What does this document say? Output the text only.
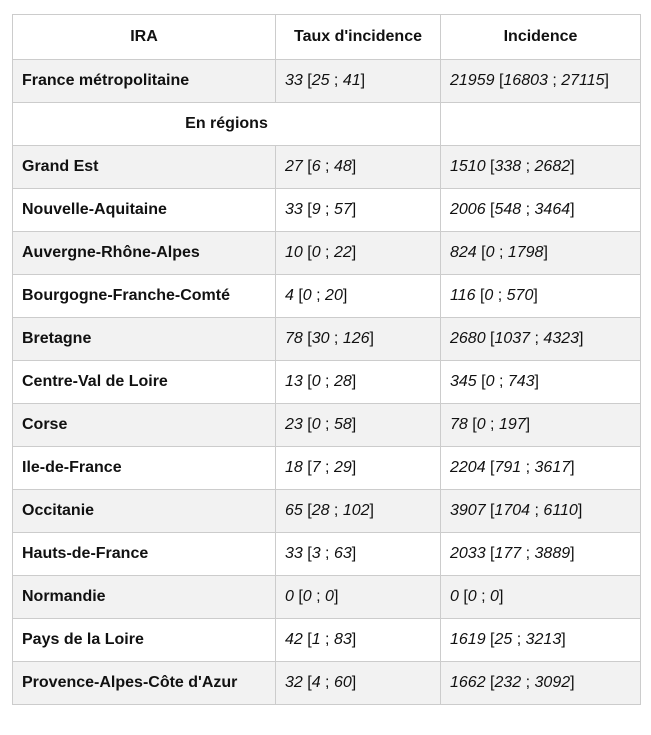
IRA	Taux d'incidence	Incidence
France métropolitaine	33 [25 ; 41]	21959 [16803 ; 27115]
En régions		
Grand Est	27 [6 ; 48]	1510 [338 ; 2682]
Nouvelle-Aquitaine	33 [9 ; 57]	2006 [548 ; 3464]
Auvergne-Rhône-Alpes	10 [0 ; 22]	824 [0 ; 1798]
Bourgogne-Franche-Comté	4 [0 ; 20]	116 [0 ; 570]
Bretagne	78 [30 ; 126]	2680 [1037 ; 4323]
Centre-Val de Loire	13 [0 ; 28]	345 [0 ; 743]
Corse	23 [0 ; 58]	78 [0 ; 197]
Ile-de-France	18 [7 ; 29]	2204 [791 ; 3617]
Occitanie	65 [28 ; 102]	3907 [1704 ; 6110]
Hauts-de-France	33 [3 ; 63]	2033 [177 ; 3889]
Normandie	0 [0 ; 0]	0 [0 ; 0]
Pays de la Loire	42 [1 ; 83]	1619 [25 ; 3213]
Provence-Alpes-Côte d'Azur	32 [4 ; 60]	1662 [232 ; 3092]
